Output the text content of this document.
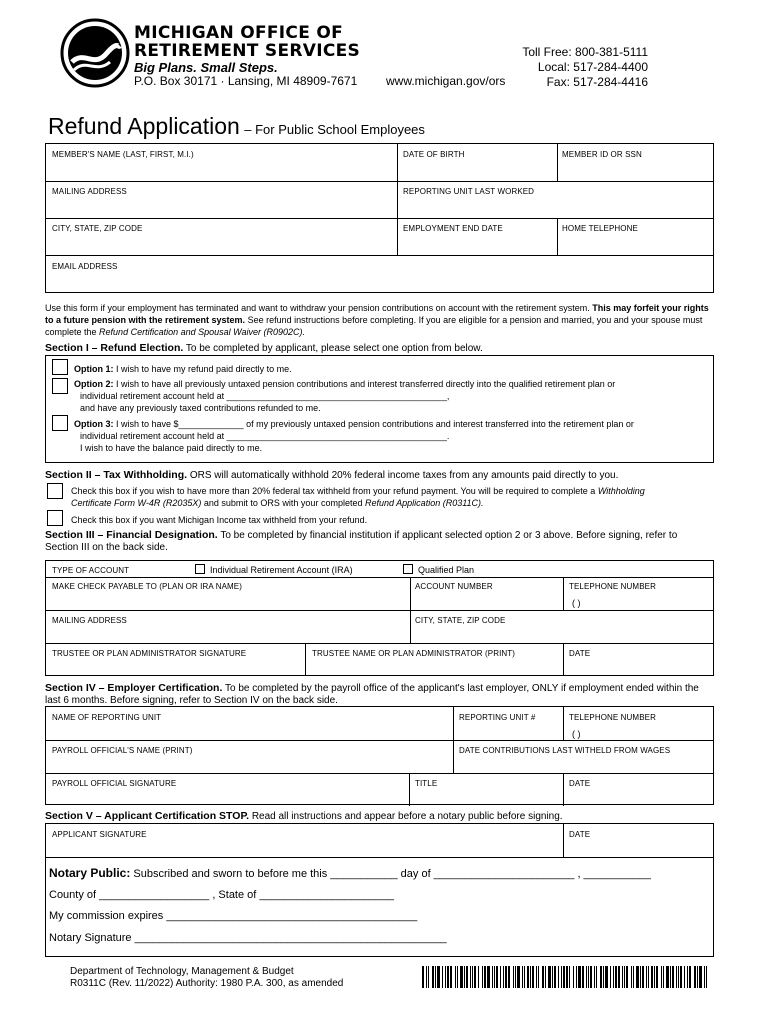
MICHIGAN OFFICE OF
RETIREMENT SERVICES
Big Plans. Small Steps.
P.O. Box 30171 · Lansing, MI 48909-7671 www.michigan.gov/ors
Toll Free: 800-381-5111
Local: 517-284-4400
Fax: 517-284-4416
Refund Application – For Public School Employees
MEMBER'S NAME (LAST, FIRST, M.I.)	DATE OF BIRTH	MEMBER ID OR SSN
MAILING ADDRESS	REPORTING UNIT LAST WORKED
CITY, STATE, ZIP CODE	EMPLOYMENT END DATE	HOME TELEPHONE
EMAIL ADDRESS
Use this form if your employment has terminated and want to withdraw your pension contributions on account with the retirement system. This may forfeit your rights to a future pension with the retirement system. See refund instructions before completing. If you are eligible for a pension and married, you and your spouse must complete the Refund Certification and Spousal Waiver (R0902C).
Section I – Refund Election. To be completed by applicant, please select one option from below.
Option 1: I wish to have my refund paid directly to me.
Option 2: I wish to have all previously untaxed pension contributions and interest transferred directly into the qualified retirement plan or
individual retirement account held at ____________________________________________,
and have any previously taxed contributions refunded to me.
Option 3: I wish to have $_____________ of my previously untaxed pension contributions and interest transferred into the retirement plan or
individual retirement account held at ____________________________________________.
I wish to have the balance paid directly to me.
Section II – Tax Withholding. ORS will automatically withhold 20% federal income taxes from any amounts paid directly to you.
Check this box if you wish to have more than 20% federal tax withheld from your refund payment. You will be required to complete a Withholding
Certificate Form W-4R (R2035X) and submit to ORS with your completed Refund Application (R0311C).
Check this box if you want Michigan Income tax withheld from your refund.
Section III – Financial Designation. To be completed by financial institution if applicant selected option 2 or 3 above. Before signing, refer to
Section III on the back side.
TYPE OF ACCOUNT	Individual Retirement Account (IRA)	Qualified Plan
MAKE CHECK PAYABLE TO (PLAN OR IRA NAME)	ACCOUNT NUMBER	TELEPHONE NUMBER
( )
MAILING ADDRESS	CITY, STATE, ZIP CODE
TRUSTEE OR PLAN ADMINISTRATOR SIGNATURE	TRUSTEE NAME OR PLAN ADMINISTRATOR (PRINT)	DATE
Section IV – Employer Certification. To be completed by the payroll office of the applicant's last employer, ONLY if employment ended within the
last 6 months. Before signing, refer to Section IV on the back side.
NAME OF REPORTING UNIT	REPORTING UNIT #	TELEPHONE NUMBER
( )
PAYROLL OFFICIAL'S NAME (PRINT)	DATE CONTRIBUTIONS LAST WITHELD FROM WAGES
PAYROLL OFFICIAL SIGNATURE	TITLE	DATE
Section V – Applicant Certification STOP. Read all instructions and appear before a notary public before signing.
APPLICANT SIGNATURE	DATE
Notary Public: Subscribed and sworn to before me this ___________ day of _______________________ , ___________
County of __________________ , State of ______________________
My commission expires _________________________________________
Notary Signature ___________________________________________________
Department of Technology, Management & Budget
R0311C (Rev. 11/2022) Authority: 1980 P.A. 300, as amended
